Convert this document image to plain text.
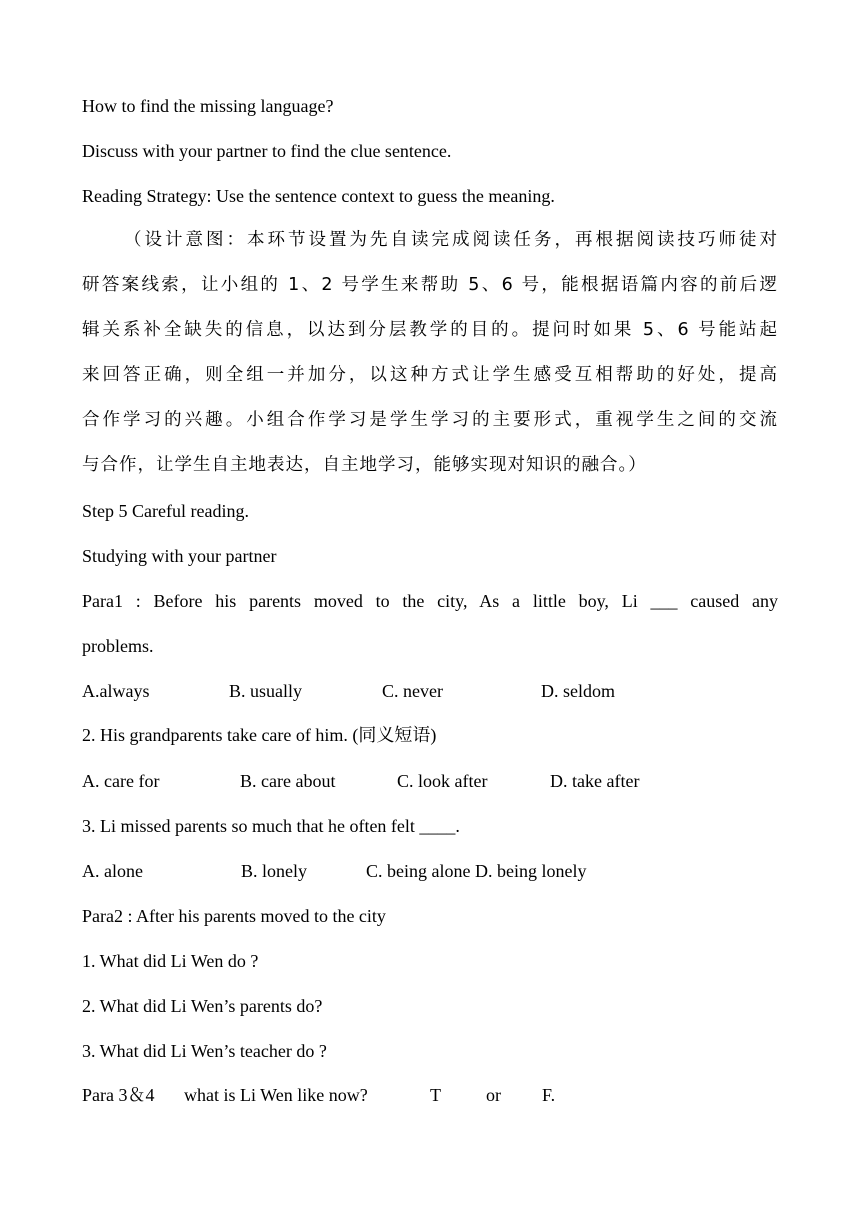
How to find the missing language?
Discuss with your partner to find the clue sentence.
Reading Strategy: Use the sentence context to guess the meaning.
（设计意图：本环节设置为先自读完成阅读任务，再根据阅读技巧师徒对
研答案线索，让小组的 1、2 号学生来帮助 5、6 号，能根据语篇内容的前后逻
辑关系补全缺失的信息，以达到分层教学的目的。提问时如果 5、6 号能站起
来回答正确，则全组一并加分，以这种方式让学生感受互相帮助的好处，提高
合作学习的兴趣。小组合作学习是学生学习的主要形式，重视学生之间的交流
与合作，让学生自主地表达，自主地学习，能够实现对知识的融合。）
Step 5 Careful reading.
Studying with your partner
Para1 : Before his parents moved to the city, As a little boy, Li ___ caused any
problems.
A.always	B. usually	C. never	D. seldom
2. His grandparents take care of him. (同义短语)
A. care for	B. care about	C. look after	D. take after
3. Li missed parents so much that he often felt ____.
A. alone	B. lonely	C. being alone D. being lonely
Para2 : After his parents moved to the city
1. What did Li Wen do ?
2. What did Li Wen’s parents do?
3. What did Li Wen’s teacher do ?
Para 3＆4	what is Li Wen like now?	T	or	F.
